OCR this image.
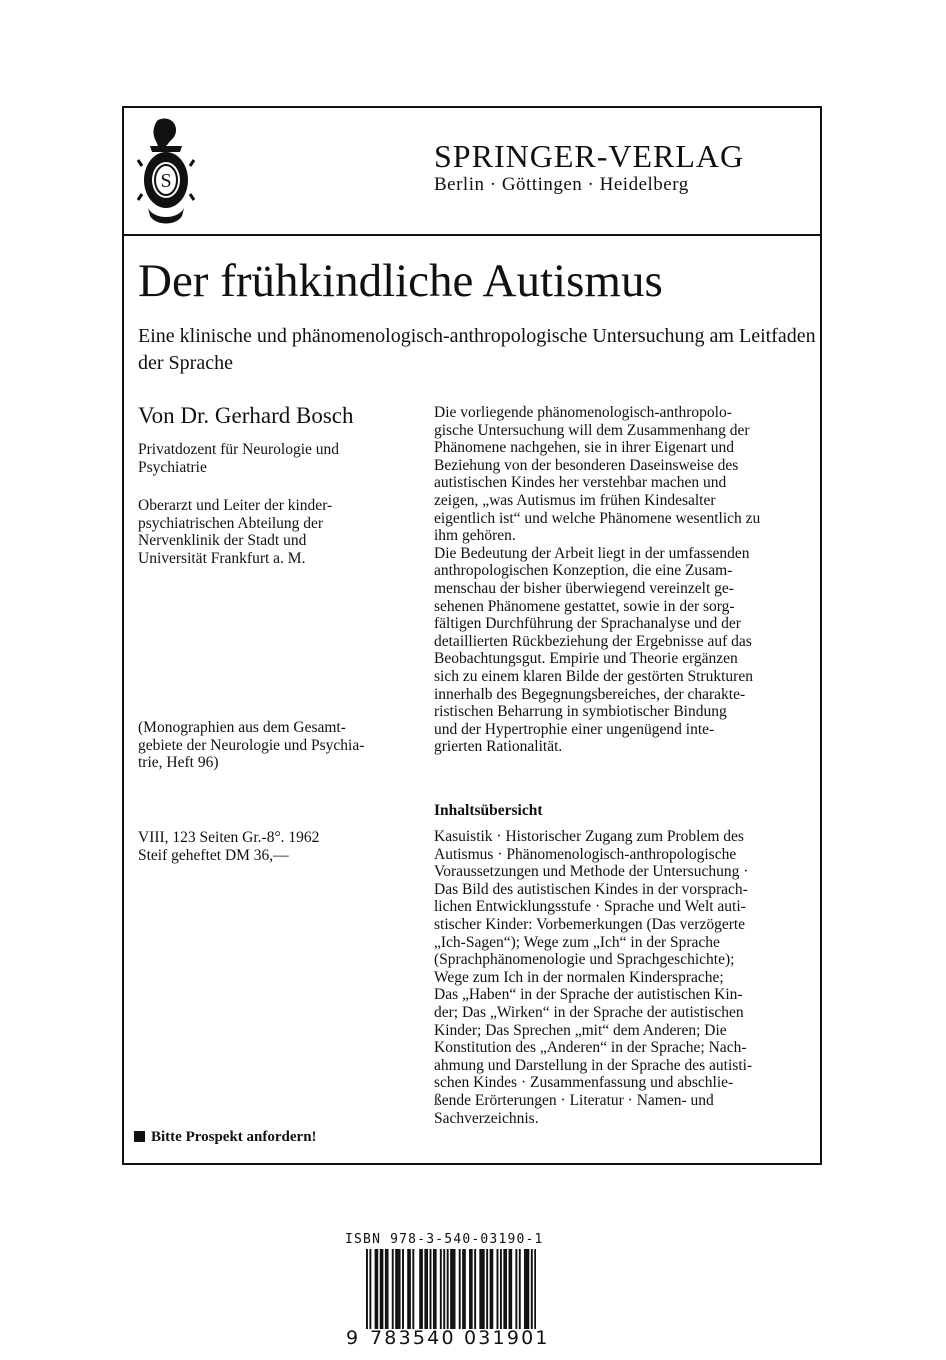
S
SPRINGER-VERLAG
Berlin · Göttingen · Heidelberg
Der frühkindliche Autismus
Eine klinische und phänomenologisch-anthropologische Untersuchung am Leitfaden der Sprache
Von Dr. Gerhard Bosch
Privatdozent für Neurologie und
Psychiatrie
Oberarzt und Leiter der kinder-
psychiatrischen Abteilung der
Nervenklinik der Stadt und
Universität Frankfurt a. M.
(Monographien aus dem Gesamt-
gebiete der Neurologie und Psychia-
trie, Heft 96)
VIII, 123 Seiten Gr.-8°. 1962
Steif geheftet DM 36,—
Bitte Prospekt anfordern!
Die vorliegende phänomenologisch-anthropolo-
gische Untersuchung will dem Zusammenhang der
Phänomene nachgehen, sie in ihrer Eigenart und
Beziehung von der besonderen Daseinsweise des
autistischen Kindes her verstehbar machen und
zeigen, „was Autismus im frühen Kindesalter
eigentlich ist“ und welche Phänomene wesentlich zu
ihm gehören.
Die Bedeutung der Arbeit liegt in der umfassenden
anthropologischen Konzeption, die eine Zusam-
menschau der bisher überwiegend vereinzelt ge-
sehenen Phänomene gestattet, sowie in der sorg-
fältigen Durchführung der Sprachanalyse und der
detaillierten Rückbeziehung der Ergebnisse auf das
Beobachtungsgut. Empirie und Theorie ergänzen
sich zu einem klaren Bilde der gestörten Strukturen
innerhalb des Begegnungsbereiches, der charakte-
ristischen Beharrung in symbiotischer Bindung
und der Hypertrophie einer ungenügend inte-
grierten Rationalität.
Inhaltsübersicht
Kasuistik · Historischer Zugang zum Problem des
Autismus · Phänomenologisch-anthropologische
Voraussetzungen und Methode der Untersuchung ·
Das Bild des autistischen Kindes in der vorsprach-
lichen Entwicklungsstufe · Sprache und Welt auti-
stischer Kinder: Vorbemerkungen (Das verzögerte
„Ich-Sagen“); Wege zum „Ich“ in der Sprache
(Sprachphänomenologie und Sprachgeschichte);
Wege zum Ich in der normalen Kindersprache;
Das „Haben“ in der Sprache der autistischen Kin-
der; Das „Wirken“ in der Sprache der autistischen
Kinder; Das Sprechen „mit“ dem Anderen; Die
Konstitution des „Anderen“ in der Sprache; Nach-
ahmung und Darstellung in der Sprache des autisti-
schen Kindes · Zusammenfassung und abschlie-
ßende Erörterungen · Literatur · Namen- und
Sachverzeichnis.
ISBN 978-3-540-03190-1
9 783540 031901
